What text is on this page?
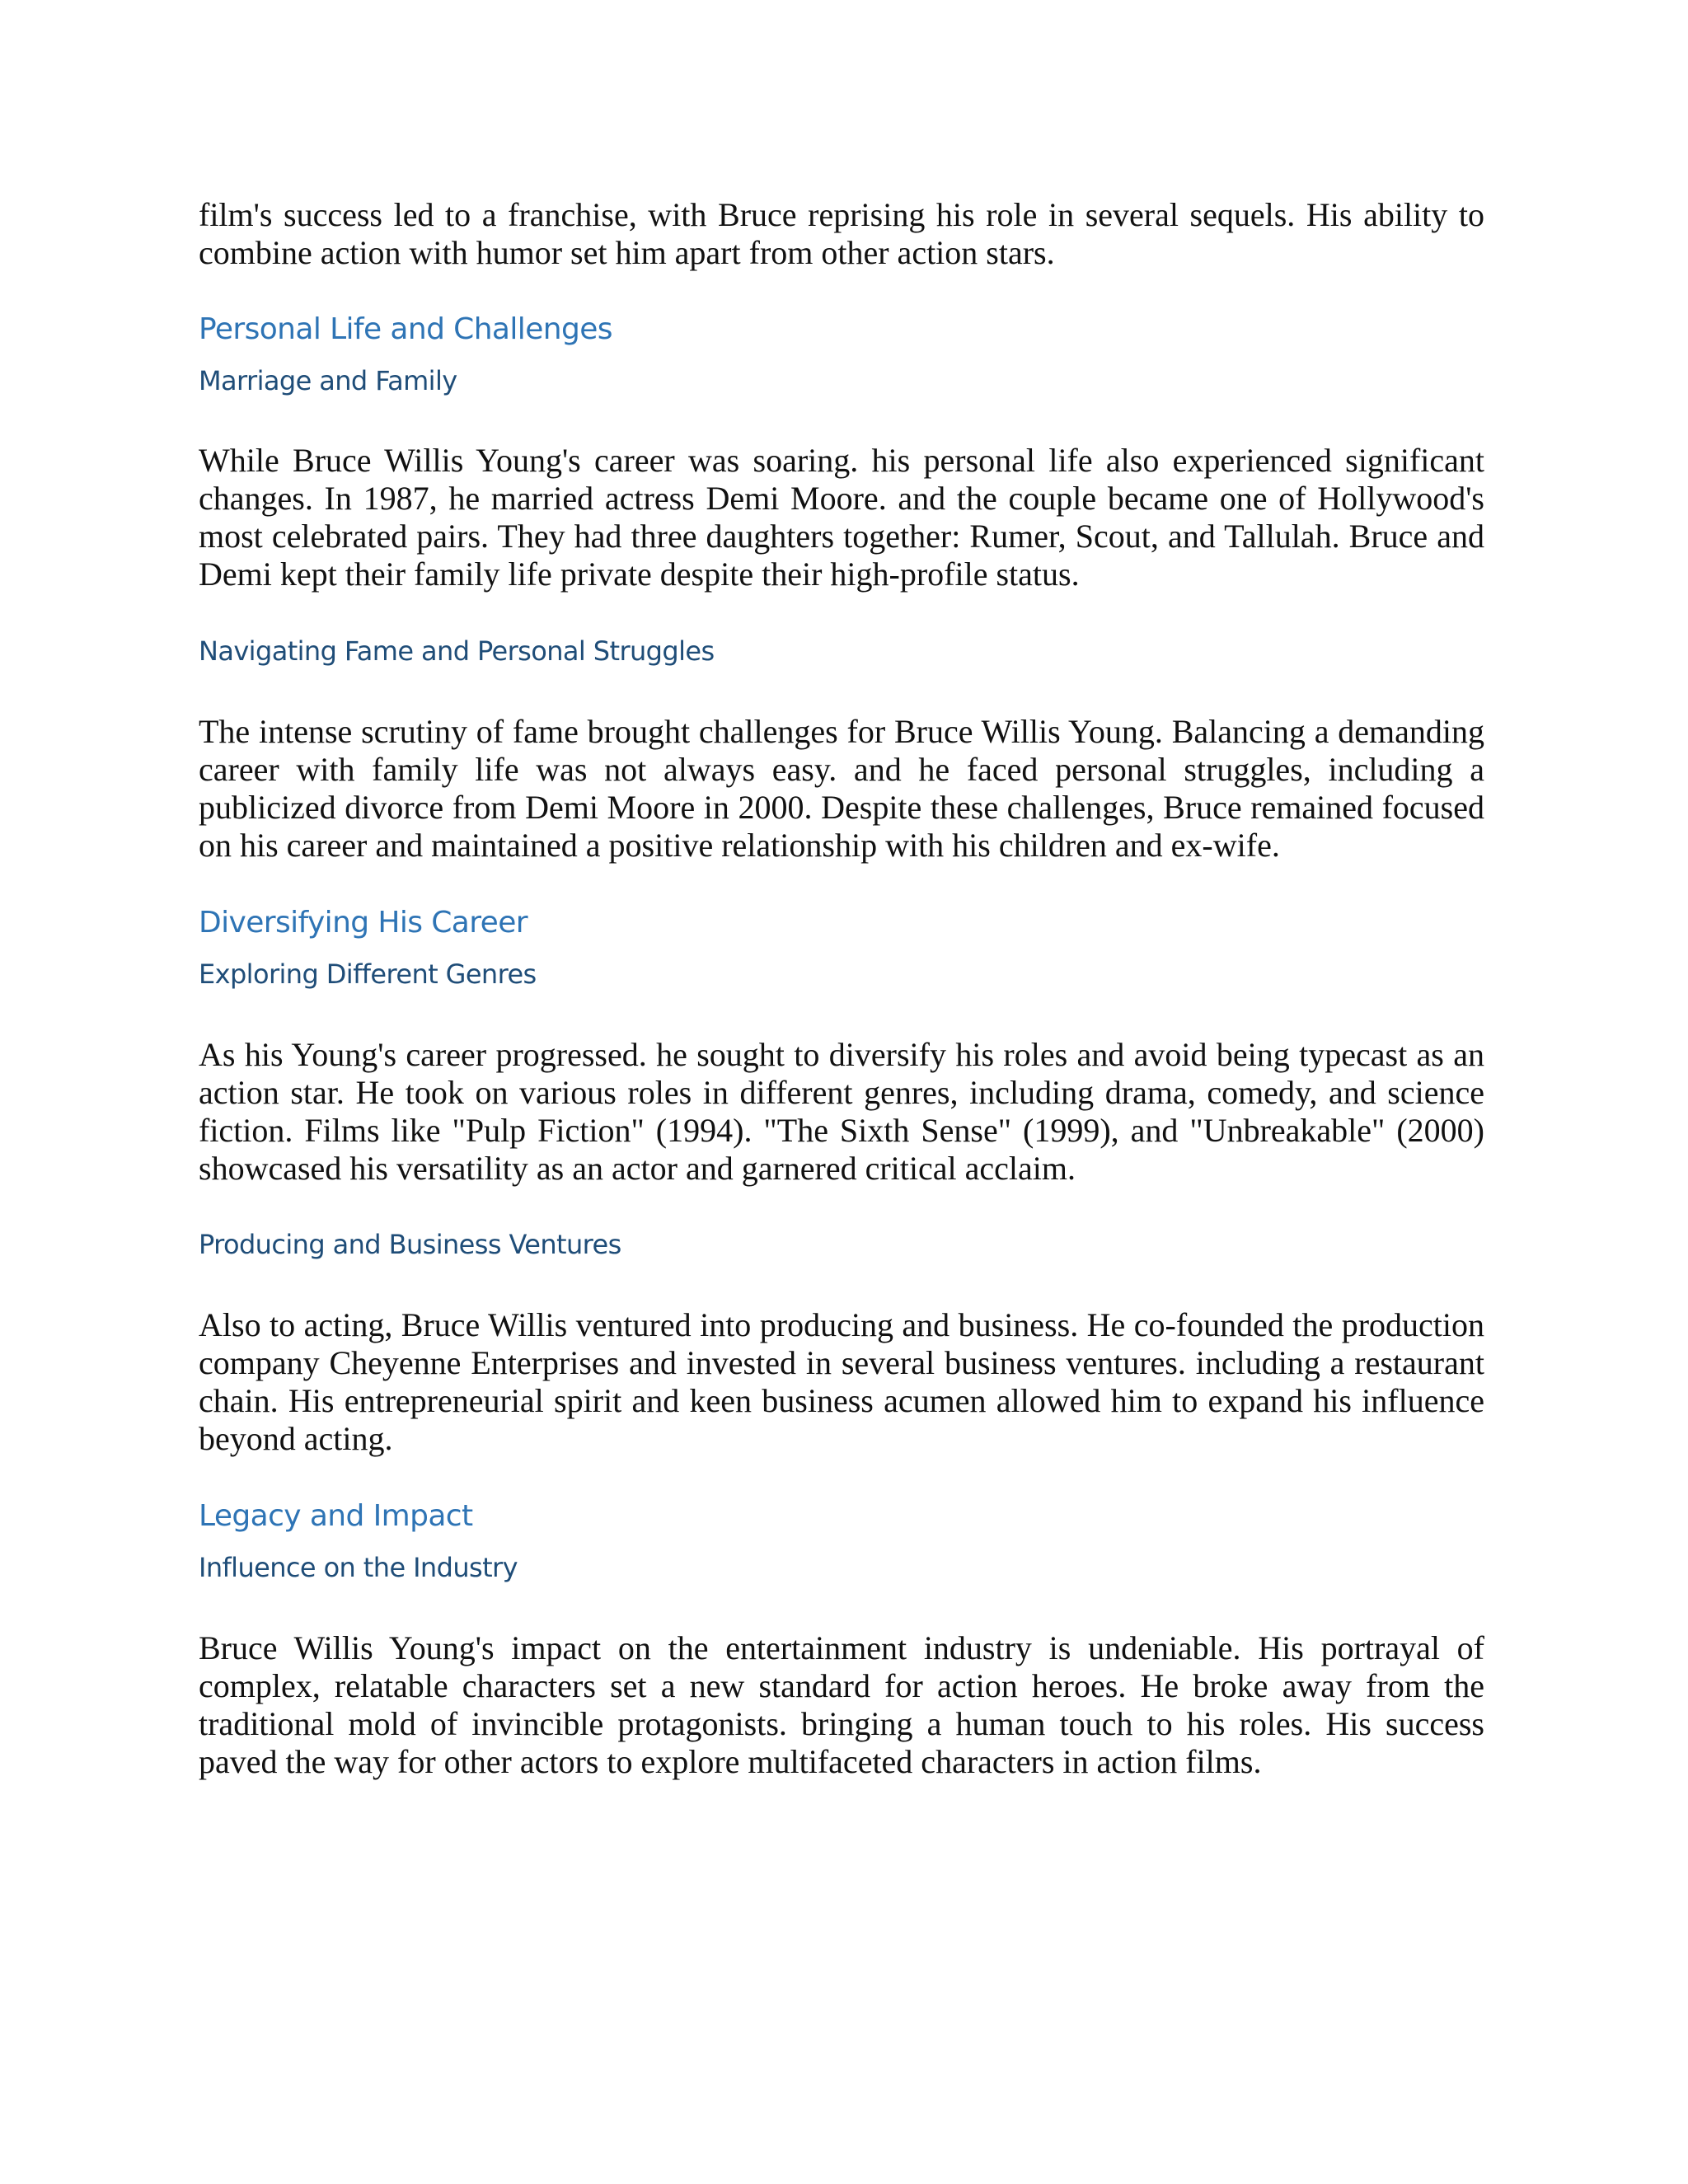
film's success led to a franchise, with Bruce reprising his role in several sequels. His ability to combine action with humor set him apart from other action stars.

Personal Life and Challenges
Marriage and Family

While Bruce Willis Young's career was soaring. his personal life also experienced significant changes. In 1987, he married actress Demi Moore. and the couple became one of Hollywood's most celebrated pairs. They had three daughters together: Rumer, Scout, and Tallulah. Bruce and Demi kept their family life private despite their high-profile status.

Navigating Fame and Personal Struggles

The intense scrutiny of fame brought challenges for Bruce Willis Young. Balancing a demanding career with family life was not always easy. and he faced personal struggles, including a publicized divorce from Demi Moore in 2000. Despite these challenges, Bruce remained focused on his career and maintained a positive relationship with his children and ex-wife.

Diversifying His Career
Exploring Different Genres

As his Young's career progressed. he sought to diversify his roles and avoid being typecast as an action star. He took on various roles in different genres, including drama, comedy, and science fiction. Films like "Pulp Fiction" (1994). "The Sixth Sense" (1999), and "Unbreakable" (2000) showcased his versatility as an actor and garnered critical acclaim.

Producing and Business Ventures

Also to acting, Bruce Willis ventured into producing and business. He co-founded the production company Cheyenne Enterprises and invested in several business ventures. including a restaurant chain. His entrepreneurial spirit and keen business acumen allowed him to expand his influence beyond acting.

Legacy and Impact
Influence on the Industry

Bruce Willis Young's impact on the entertainment industry is undeniable. His portrayal of complex, relatable characters set a new standard for action heroes. He broke away from the traditional mold of invincible protagonists. bringing a human touch to his roles. His success paved the way for other actors to explore multifaceted characters in action films.
